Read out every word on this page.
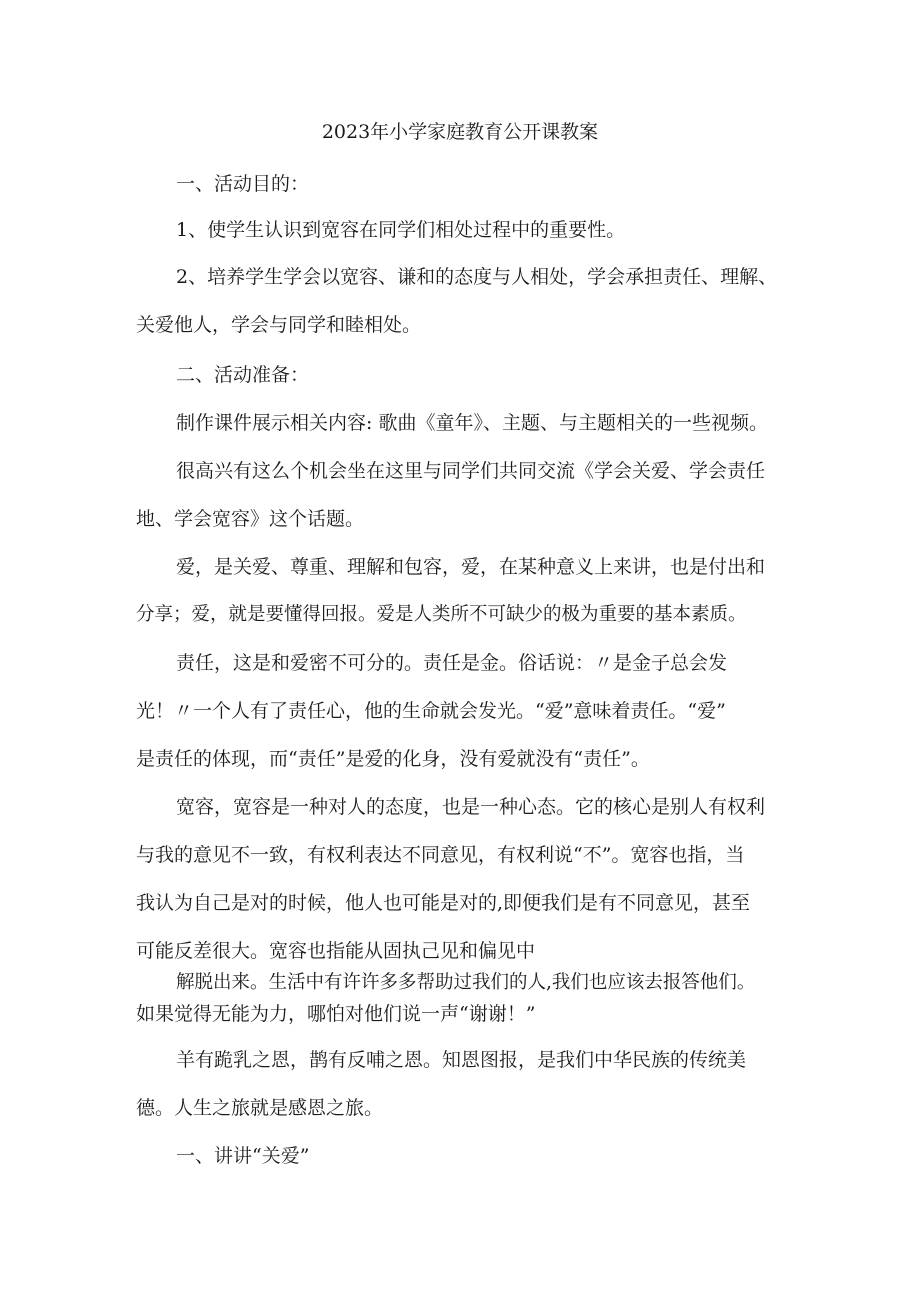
2023年小学家庭教育公开课教案
一、活动目的：
1、使学生认识到宽容在同学们相处过程中的重要性。
2、培养学生学会以宽容、谦和的态度与人相处，学会承担责任、理解、
关爱他人，学会与同学和睦相处。
二、活动准备：
制作课件展示相关内容: 歌曲《童年》、主题、与主题相关的一些视频。
很高兴有这么个机会坐在这里与同学们共同交流《学会关爱、学会责任
地、学会宽容》这个话题。
爱，是关爱、尊重、理解和包容，爱，在某种意义上来讲，也是付出和
分享；爱，就是要懂得回报。爱是人类所不可缺少的极为重要的基本素质。
责任，这是和爱密不可分的。责任是金。俗话说：〃是金子总会发
光！〃一个人有了责任心，他的生命就会发光。“爱”意味着责任。“爱”
是责任的体现，而“责任”是爱的化身，没有爱就没有“责任”。
宽容，宽容是一种对人的态度，也是一种心态。它的核心是别人有权利
与我的意见不一致，有权利表达不同意见，有权利说“不”。宽容也指，当
我认为自己是对的时候，他人也可能是对的,即便我们是有不同意见，甚至
可能反差很大。宽容也指能从固执己见和偏见中
解脱出来。生活中有许许多多帮助过我们的人,我们也应该去报答他们。
如果觉得无能为力，哪怕对他们说一声“谢谢！”
羊有跪乳之恩，鹊有反哺之恩。知恩图报，是我们中华民族的传统美
德。人生之旅就是感恩之旅。
一、讲讲“关爱”
